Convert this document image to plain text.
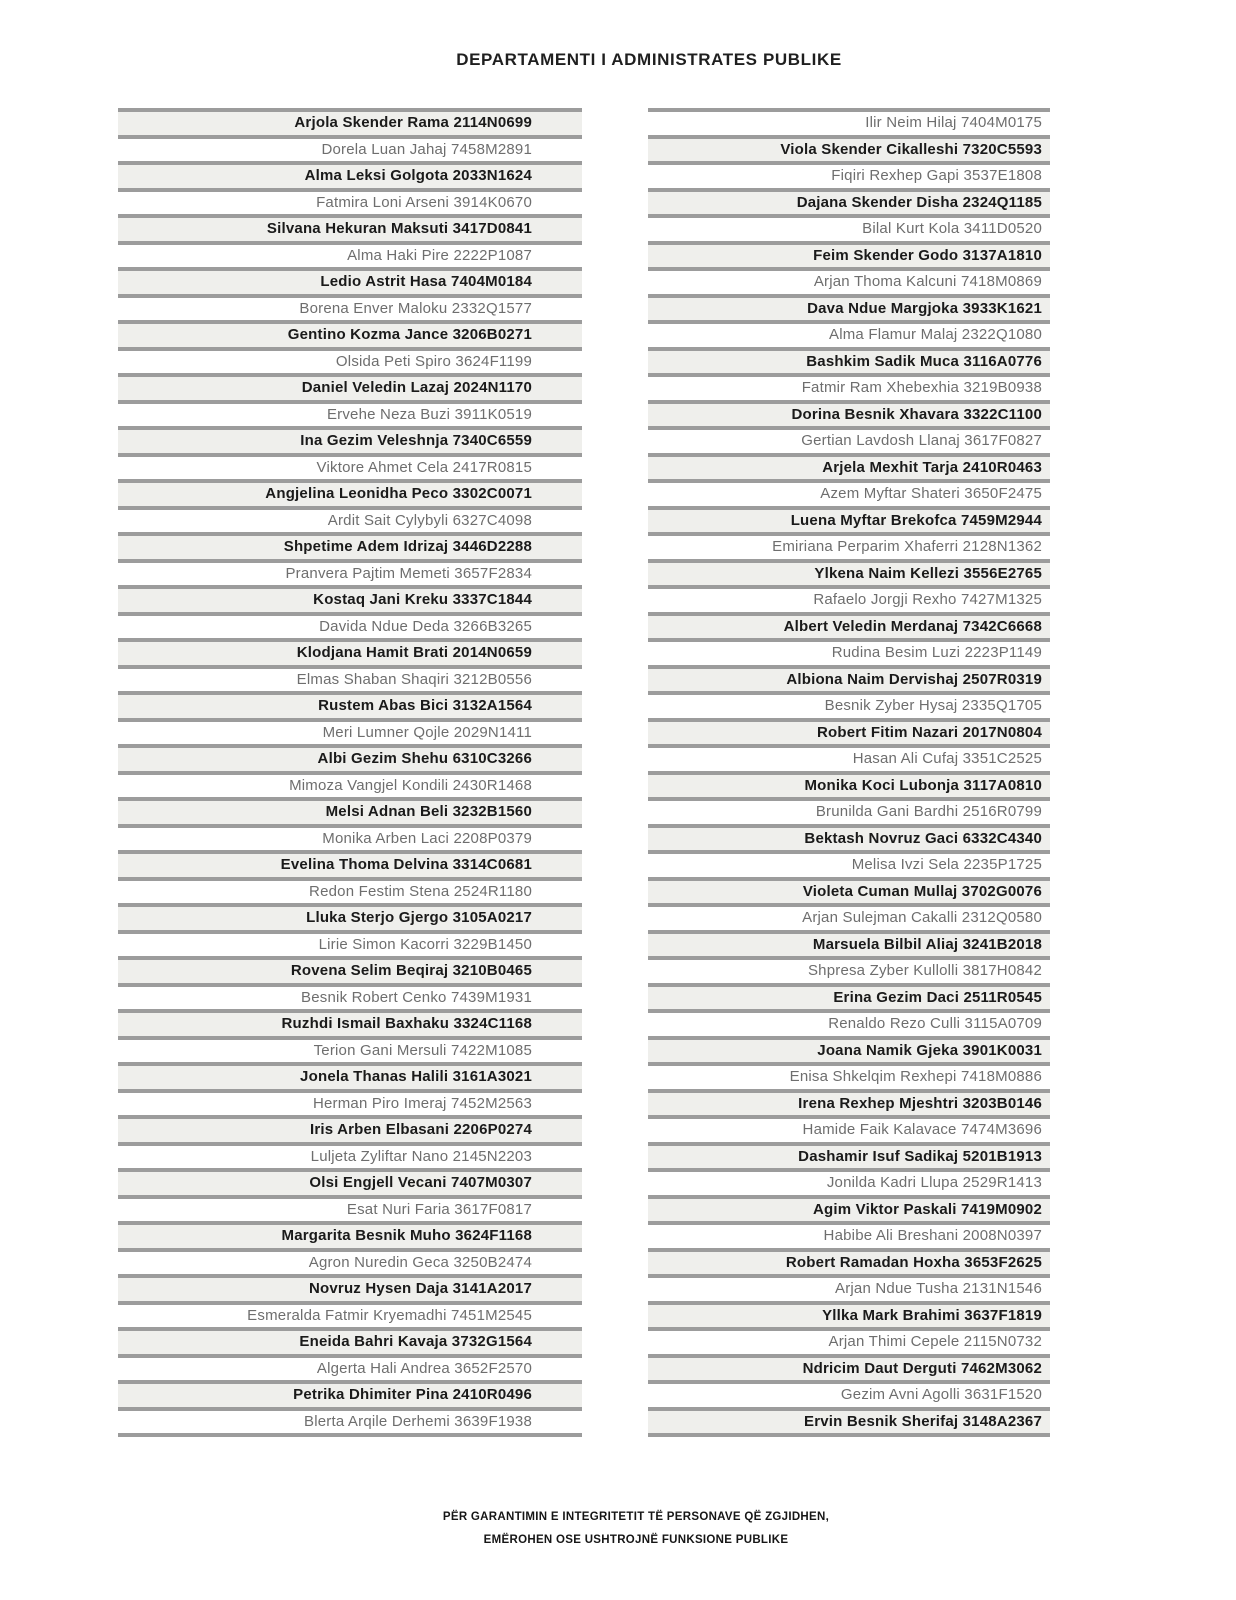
DEPARTAMENTI I ADMINISTRATES PUBLIKE
Arjola Skender Rama 2114N0699
Dorela Luan Jahaj 7458M2891
Alma Leksi Golgota 2033N1624
Fatmira Loni Arseni 3914K0670
Silvana Hekuran Maksuti 3417D0841
Alma Haki Pire 2222P1087
Ledio Astrit Hasa 7404M0184
Borena Enver Maloku 2332Q1577
Gentino Kozma Jance 3206B0271
Olsida Peti Spiro 3624F1199
Daniel Veledin Lazaj 2024N1170
Ervehe Neza Buzi 3911K0519
Ina Gezim Veleshnja 7340C6559
Viktore Ahmet Cela 2417R0815
Angjelina Leonidha Peco 3302C0071
Ardit Sait Cylybyli 6327C4098
Shpetime Adem Idrizaj 3446D2288
Pranvera Pajtim Memeti 3657F2834
Kostaq Jani Kreku 3337C1844
Davida Ndue Deda 3266B3265
Klodjana Hamit Brati 2014N0659
Elmas Shaban Shaqiri 3212B0556
Rustem Abas Bici 3132A1564
Meri Lumner Qojle 2029N1411
Albi Gezim Shehu 6310C3266
Mimoza Vangjel Kondili 2430R1468
Melsi Adnan Beli 3232B1560
Monika Arben Laci 2208P0379
Evelina Thoma Delvina 3314C0681
Redon Festim Stena 2524R1180
Lluka Sterjo Gjergo 3105A0217
Lirie Simon Kacorri 3229B1450
Rovena Selim Beqiraj 3210B0465
Besnik Robert Cenko 7439M1931
Ruzhdi Ismail Baxhaku 3324C1168
Terion Gani Mersuli 7422M1085
Jonela Thanas Halili 3161A3021
Herman Piro Imeraj 7452M2563
Iris Arben Elbasani 2206P0274
Luljeta Zyliftar Nano 2145N2203
Olsi Engjell Vecani 7407M0307
Esat Nuri Faria 3617F0817
Margarita Besnik Muho 3624F1168
Agron Nuredin Geca 3250B2474
Novruz Hysen Daja 3141A2017
Esmeralda Fatmir Kryemadhi 7451M2545
Eneida Bahri Kavaja 3732G1564
Algerta Hali Andrea 3652F2570
Petrika Dhimiter Pina 2410R0496
Blerta Arqile Derhemi 3639F1938
Ilir Neim Hilaj 7404M0175
Viola Skender Cikalleshi 7320C5593
Fiqiri Rexhep Gapi 3537E1808
Dajana Skender Disha 2324Q1185
Bilal Kurt Kola 3411D0520
Feim Skender Godo 3137A1810
Arjan Thoma Kalcuni 7418M0869
Dava Ndue Margjoka 3933K1621
Alma Flamur Malaj 2322Q1080
Bashkim Sadik Muca 3116A0776
Fatmir Ram Xhebexhia 3219B0938
Dorina Besnik Xhavara 3322C1100
Gertian Lavdosh Llanaj 3617F0827
Arjela Mexhit Tarja 2410R0463
Azem Myftar Shateri 3650F2475
Luena Myftar Brekofca 7459M2944
Emiriana Perparim Xhaferri 2128N1362
Ylkena Naim Kellezi 3556E2765
Rafaelo Jorgji Rexho 7427M1325
Albert Veledin Merdanaj 7342C6668
Rudina Besim Luzi 2223P1149
Albiona Naim Dervishaj 2507R0319
Besnik Zyber Hysaj 2335Q1705
Robert Fitim Nazari 2017N0804
Hasan Ali Cufaj 3351C2525
Monika Koci Lubonja 3117A0810
Brunilda Gani Bardhi 2516R0799
Bektash Novruz Gaci 6332C4340
Melisa Ivzi Sela 2235P1725
Violeta Cuman Mullaj 3702G0076
Arjan Sulejman Cakalli 2312Q0580
Marsuela Bilbil Aliaj 3241B2018
Shpresa Zyber Kullolli 3817H0842
Erina Gezim Daci 2511R0545
Renaldo Rezo Culli 3115A0709
Joana Namik Gjeka 3901K0031
Enisa Shkelqim Rexhepi 7418M0886
Irena Rexhep Mjeshtri 3203B0146
Hamide Faik Kalavace 7474M3696
Dashamir Isuf Sadikaj 5201B1913
Jonilda Kadri Llupa 2529R1413
Agim Viktor Paskali 7419M0902
Habibe Ali Breshani 2008N0397
Robert Ramadan Hoxha 3653F2625
Arjan Ndue Tusha 2131N1546
Yllka Mark Brahimi 3637F1819
Arjan Thimi Cepele 2115N0732
Ndricim Daut Derguti 7462M3062
Gezim Avni Agolli 3631F1520
Ervin Besnik Sherifaj 3148A2367
PËR GARANTIMIN E INTEGRITETIT TË PERSONAVE QË ZGJIDHEN,
EMËROHEN OSE USHTROJNË FUNKSIONE PUBLIKE
